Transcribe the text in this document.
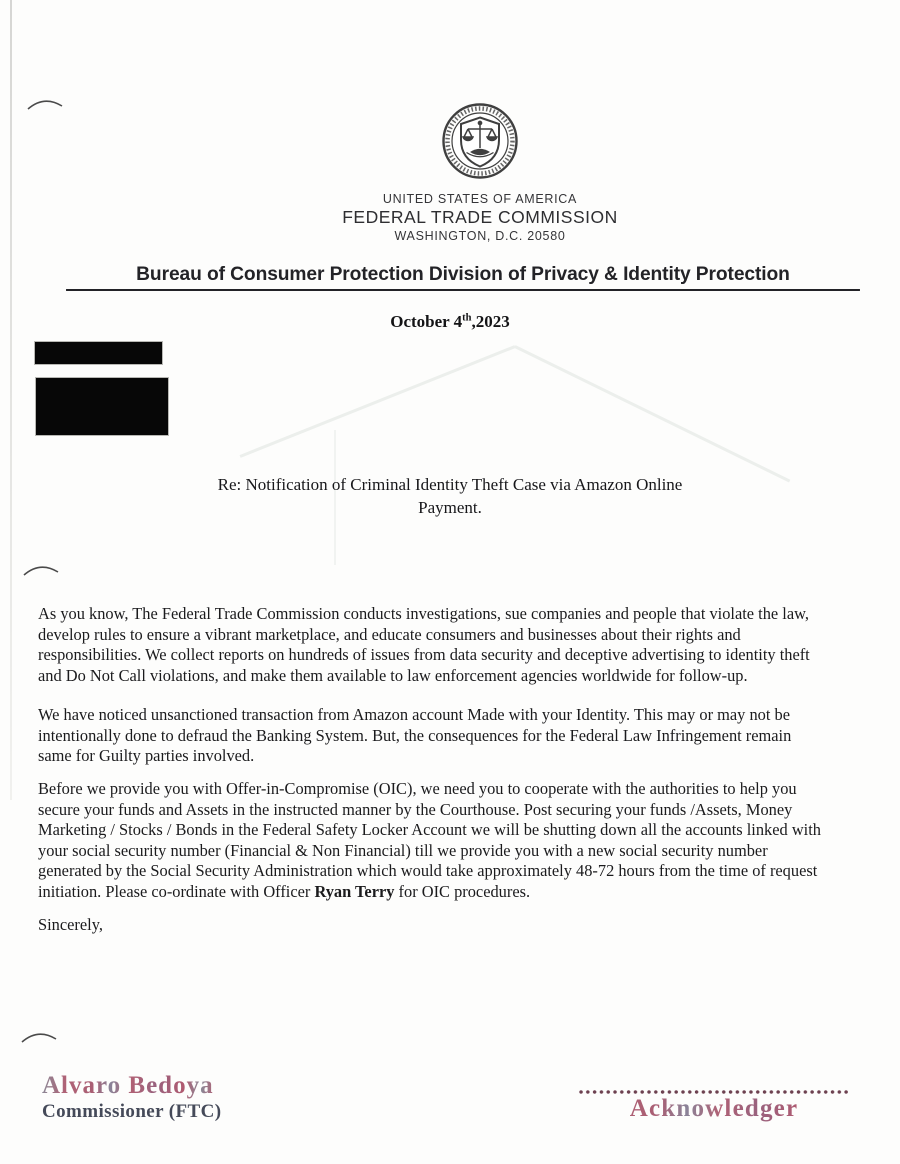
UNITED STATES OF AMERICA
FEDERAL TRADE COMMISSION
WASHINGTON, D.C. 20580
Bureau of Consumer Protection Division of Privacy & Identity Protection
October 4th,2023
Re: Notification of Criminal Identity Theft Case via Amazon Online
Payment.
As you know, The Federal Trade Commission conducts investigations, sue companies and people that violate the law,
develop rules to ensure a vibrant marketplace, and educate consumers and businesses about their rights and
responsibilities. We collect reports on hundreds of issues from data security and deceptive advertising to identity theft
and Do Not Call violations, and make them available to law enforcement agencies worldwide for follow-up.
We have noticed unsanctioned transaction from Amazon account Made with your Identity. This may or may not be
intentionally done to defraud the Banking System. But, the consequences for the Federal Law Infringement remain
same for Guilty parties involved.
Before we provide you with Offer-in-Compromise (OIC), we need you to cooperate with the authorities to help you
secure your funds and Assets in the instructed manner by the Courthouse. Post securing your funds /Assets, Money
Marketing / Stocks / Bonds in the Federal Safety Locker Account we will be shutting down all the accounts linked with
your social security number (Financial & Non Financial) till we provide you with a new social security number
generated by the Social Security Administration which would take approximately 48-72 hours from the time of request
initiation. Please co-ordinate with Officer Ryan Terry for OIC procedures.
Sincerely,
Alvaro Bedoya
Commissioner (FTC)	Acknowledger
